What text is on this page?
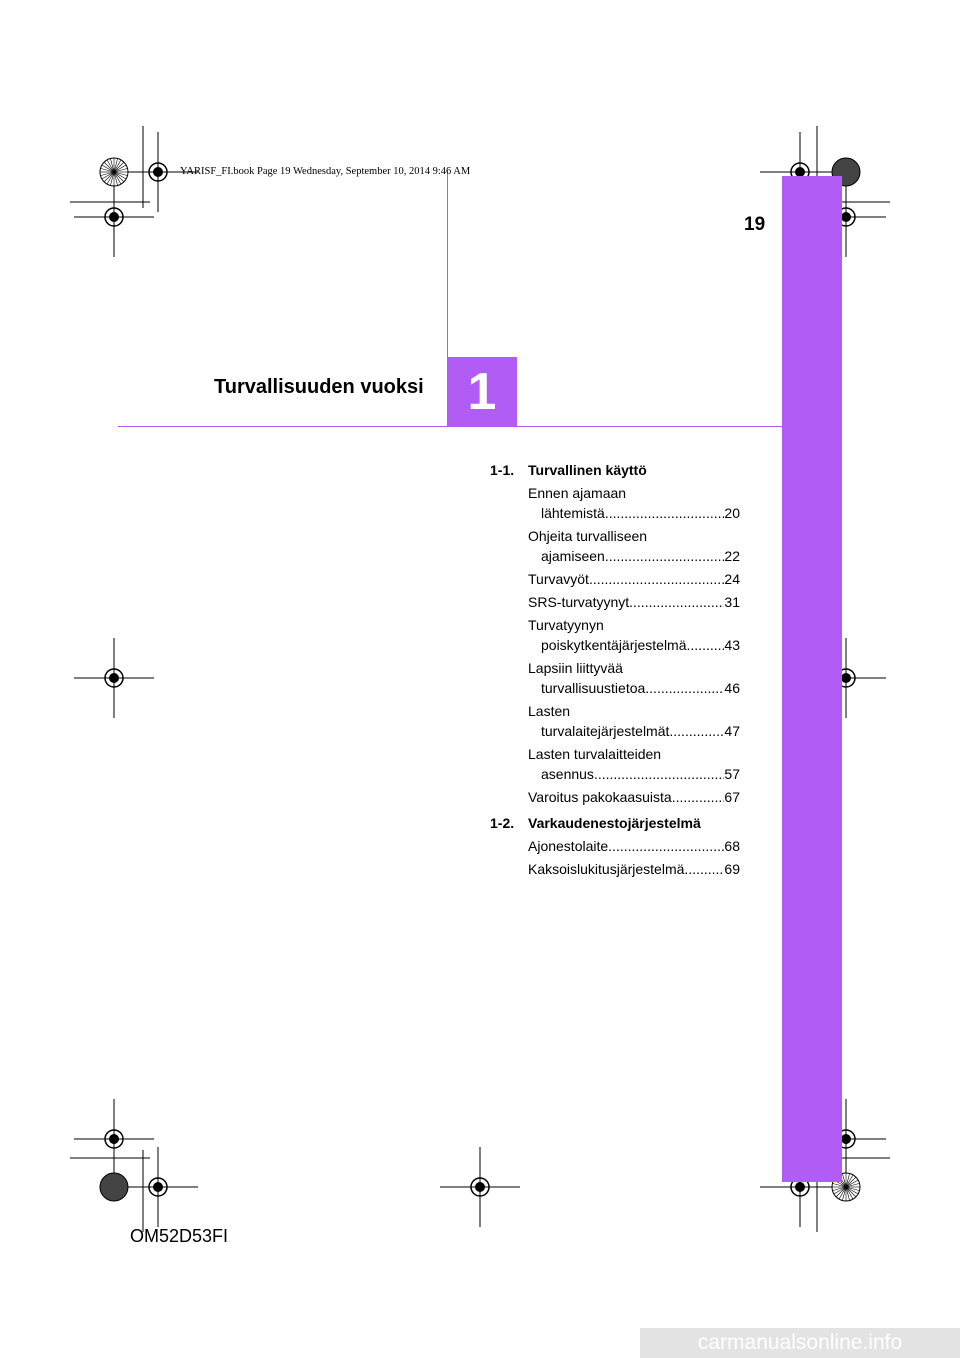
YARISF_FI.book Page 19 Wednesday, September 10, 2014 9:46 AM
19
1
Turvallisuuden vuoksi
1-1. Turvallinen käyttö
Ennen ajamaan
lähtemistä .....	20
Ohjeita turvalliseen
ajamiseen .....	22
Turvavyöt .....	24
SRS-turvatyynyt .....	31
Turvatyynyn
poiskytkentäjärjestelmä .....	43
Lapsiin liittyvää
turvallisuustietoa .....	46
Lasten
turvalaitejärjestelmät .....	47
Lasten turvalaitteiden
asennus .....	57
Varoitus pakokaasuista .....	67
1-2. Varkaudenestojärjestelmä
Ajonestolaite .....	68
Kaksoislukitusjärjestelmä .....	69
OM52D53FI
carmanualsonline.info
